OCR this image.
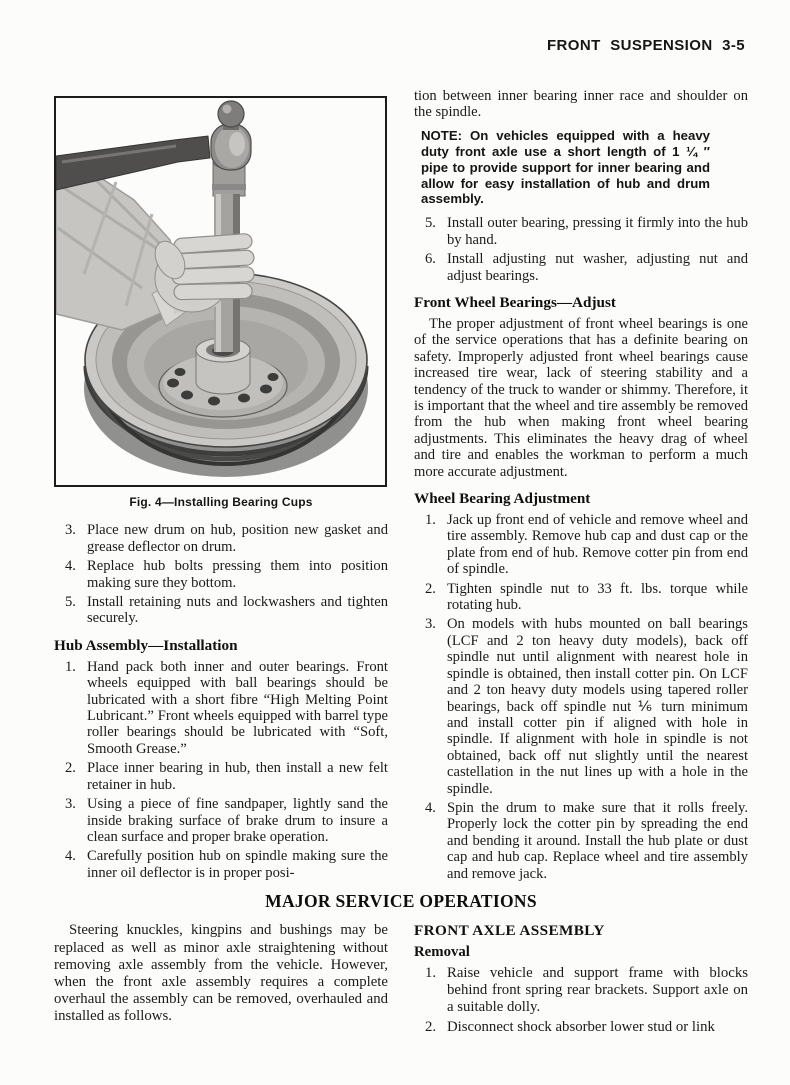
FRONT SUSPENSION 3-5
Fig. 4—Installing Bearing Cups
3. Place new drum on hub, position new gasket and grease deflector on drum.
4. Replace hub bolts pressing them into position making sure they bottom.
5. Install retaining nuts and lockwashers and tighten securely.
Hub Assembly—Installation
1. Hand pack both inner and outer bearings. Front wheels equipped with ball bearings should be lubricated with a short fibre “High Melting Point Lubricant.” Front wheels equipped with barrel type roller bearings should be lubricated with “Soft, Smooth Grease.”
2. Place inner bearing in hub, then install a new felt retainer in hub.
3. Using a piece of fine sandpaper, lightly sand the inside braking surface of brake drum to insure a clean surface and proper brake operation.
4. Carefully position hub on spindle making sure the inner oil deflector is in proper posi-
tion between inner bearing inner race and shoulder on the spindle.
NOTE: On vehicles equipped with a heavy duty front axle use a short length of 1 ¼ ″ pipe to provide support for inner bearing and allow for easy installation of hub and drum assembly.
5. Install outer bearing, pressing it firmly into the hub by hand.
6. Install adjusting nut washer, adjusting nut and adjust bearings.
Front Wheel Bearings—Adjust
The proper adjustment of front wheel bearings is one of the service operations that has a definite bearing on safety. Improperly adjusted front wheel bearings cause increased tire wear, lack of steering stability and a tendency of the truck to wander or shimmy. Therefore, it is important that the wheel and tire assembly be removed from the hub when making front wheel bearing adjustments. This eliminates the heavy drag of wheel and tire and enables the workman to perform a much more accurate adjustment.
Wheel Bearing Adjustment
1. Jack up front end of vehicle and remove wheel and tire assembly. Remove hub cap and dust cap or the plate from end of hub. Remove cotter pin from end of spindle.
2. Tighten spindle nut to 33 ft. lbs. torque while rotating hub.
3. On models with hubs mounted on ball bearings (LCF and 2 ton heavy duty models), back off spindle nut until alignment with nearest hole in spindle is obtained, then install cotter pin. On LCF and 2 ton heavy duty models using tapered roller bearings, back off spindle nut ⅙ turn minimum and install cotter pin if aligned with hole in spindle. If alignment with hole in spindle is not obtained, back off nut slightly until the nearest castellation in the nut lines up with a hole in the spindle.
4. Spin the drum to make sure that it rolls freely. Properly lock the cotter pin by spreading the end and bending it around. Install the hub plate or dust cap and hub cap. Replace wheel and tire assembly and remove jack.
MAJOR SERVICE OPERATIONS
Steering knuckles, kingpins and bushings may be replaced as well as minor axle straightening without removing axle assembly from the vehicle. However, when the front axle assembly requires a complete overhaul the assembly can be removed, overhauled and installed as follows.
FRONT AXLE ASSEMBLY
Removal
1. Raise vehicle and support frame with blocks behind front spring rear brackets. Support axle on a suitable dolly.
2. Disconnect shock absorber lower stud or link
